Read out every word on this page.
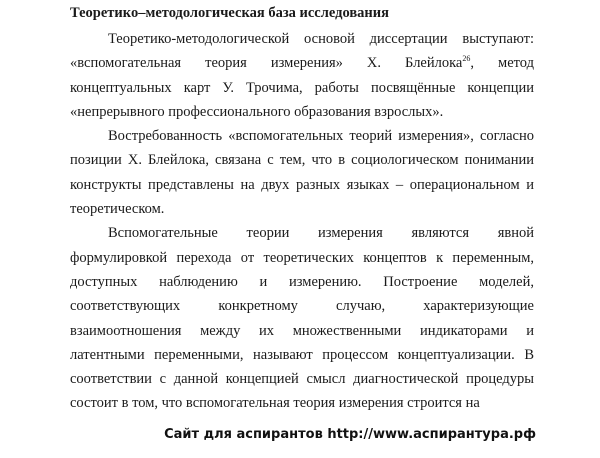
Теоретико–методологическая база исследования

Теоретико-методологической основой диссертации выступают: «вспомогательная теория измерения» Х. Блейлока$^{26}$, метод концептуальных карт У. Трочима, работы посвящённые концепции «непрерывного профессионального образования взрослых».

Востребованность «вспомогательных теорий измерения», согласно позиции Х. Блейлока, связана с тем, что в социологическом понимании конструкты представлены на двух разных языках – операциональном и теоретическом.

Вспомогательные теории измерения являются явной формулировкой перехода от теоретических концептов к переменным, доступных наблюдению и измерению. Построение моделей, соответствующих конкретному случаю, характеризующие взаимоотношения между их множественными индикаторами и латентными переменными, называют процессом концептуализации. В соответствии с данной концепцией смысл диагностической процедуры состоит в том, что вспомогательная теория измерения строится на

Сайт для аспирантов http://www.аспирантура.рф
